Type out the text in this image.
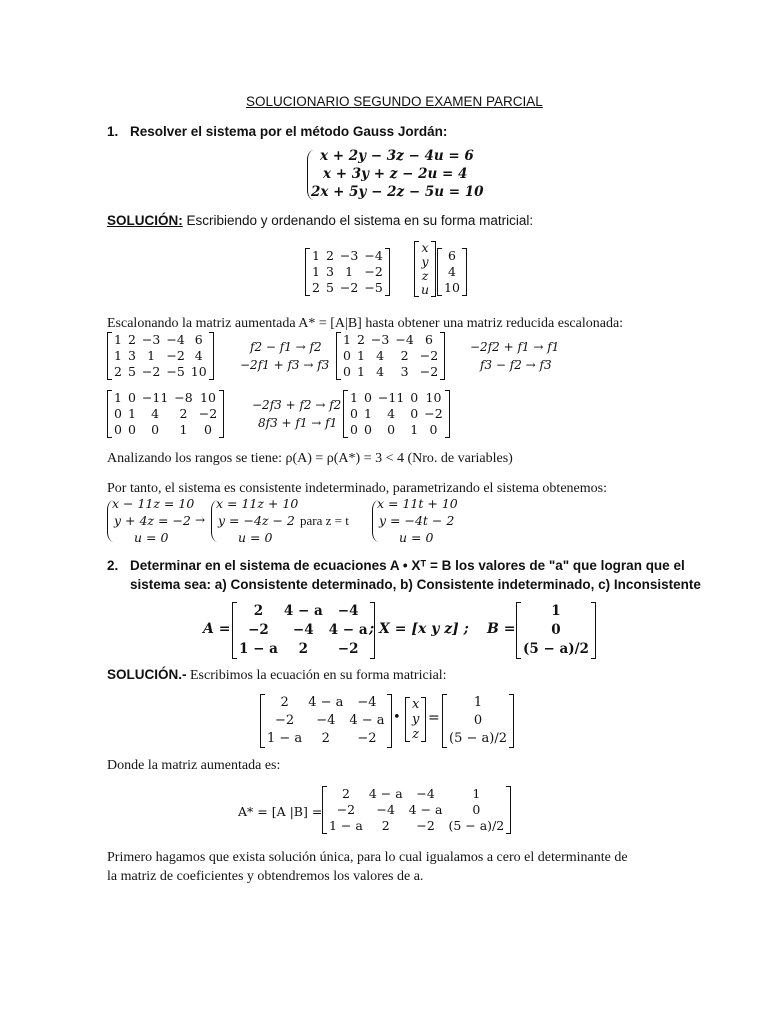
SOLUCIONARIO SEGUNDO EXAMEN PARCIAL
1. Resolver el sistema por el método Gauss Jordán:
x + 2y − 3z − 4u = 6
x + 3y + z − 2u = 4
2x + 5y − 2z − 5u = 10
SOLUCIÓN: Escribiendo y ordenando el sistema en su forma matricial:
1 2 −3 −4
1 3 1 −2
2 5 −2 −5
x
y
z
u
6
4
10
Escalonando la matriz aumentada A* = [A|B] hasta obtener una matriz reducida escalonada:
1 2 −3 −4 6
1 3 1 −2 4
2 5 −2 −5 10
f2 − f1 → f2
−2f1 + f3 → f3
1 2 −3 −4 6
0 1 4	2 −2
0 1 4	3 −2
−2f2 + f1 → f1
f3 − f2 → f3
1 0 −11 −8 10
0 1	4	2 −2
0 0	0	1	0
−2f3 + f2 → f2
8f3 + f1 → f1
1 0 −11 0 10
0 1	4	0 −2
0 0	0	1 0
Analizando los rangos se tiene: ρ(A) = ρ(A*) = 3 < 4 (Nro. de variables)
Por tanto, el sistema es consistente indeterminado, parametrizando el sistema obtenemos:
x − 11z = 10
y + 4z = −2
u = 0
→
x = 11z + 10
y = −4z − 2
u = 0
para z = t
x = 11t + 10
y = −4t − 2
u = 0
2. Determinar en el sistema de ecuaciones A • Xᵀ = B los valores de "a" que logran que el
sistema sea: a) Consistente determinado, b) Consistente indeterminado, c) Inconsistente
A =
2	4 − a	−4
−2	−4	4 − a
1 − a	2	−2
; X = [x y z] ; B =
1
0
(5 − a)/2
SOLUCIÓN.- Escribimos la ecuación en su forma matricial:
2	4 − a	−4
−2	−4	4 − a
1 − a	2	−2
•
x
y
z
=
1
0
(5 − a)/2
Donde la matriz aumentada es:
A* = [A |B] =
2	4 − a	−4	1
−2	−4	4 − a	0
1 − a	2	−2	(5 − a)/2
Primero hagamos que exista solución única, para lo cual igualamos a cero el determinante de
la matriz de coeficientes y obtendremos los valores de a.
